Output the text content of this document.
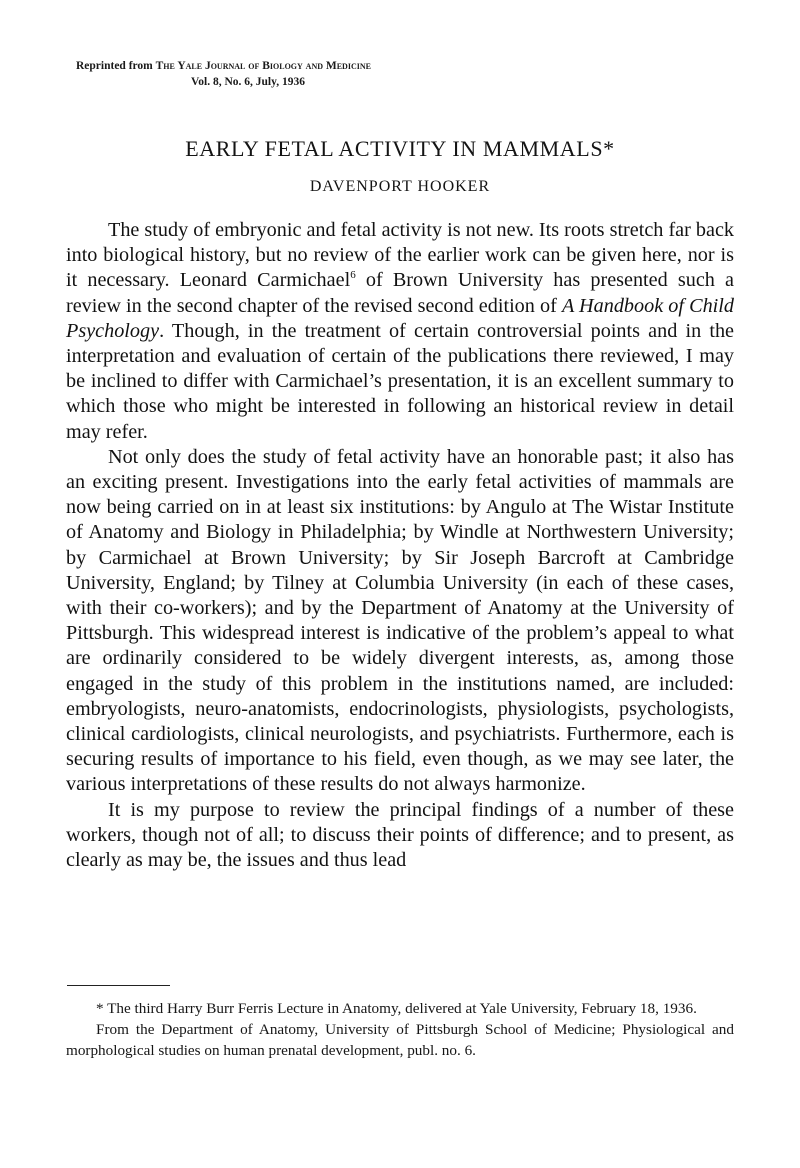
Reprinted from The Yale Journal of Biology and Medicine
Vol. 8, No. 6, July, 1936
EARLY FETAL ACTIVITY IN MAMMALS*
DAVENPORT HOOKER

The study of embryonic and fetal activity is not new. Its roots stretch far back into biological history, but no review of the earlier work can be given here, nor is it necessary. Leonard Carmichael$^6$ of Brown University has presented such a review in the second chapter of the revised second edition of A Handbook of Child Psychology. Though, in the treatment of certain controversial points and in the interpretation and evaluation of certain of the publications there reviewed, I may be inclined to differ with Carmichael’s presentation, it is an excellent summary to which those who might be interested in following an historical review in detail may refer.

Not only does the study of fetal activity have an honorable past; it also has an exciting present. Investigations into the early fetal activities of mammals are now being carried on in at least six institutions: by Angulo at The Wistar Institute of Anatomy and Biology in Philadelphia; by Windle at Northwestern University; by Carmichael at Brown University; by Sir Joseph Barcroft at Cambridge University, England; by Tilney at Columbia University (in each of these cases, with their co-workers); and by the Department of Anatomy at the University of Pittsburgh. This widespread interest is indicative of the problem’s appeal to what are ordinarily considered to be widely divergent interests, as, among those engaged in the study of this problem in the institutions named, are included: embryologists, neuro-anatomists, endocrinologists, physiologists, psychologists, clinical cardiologists, clinical neurologists, and psychiatrists. Furthermore, each is securing results of importance to his field, even though, as we may see later, the various interpretations of these results do not always harmonize.

It is my purpose to review the principal findings of a number of these workers, though not of all; to discuss their points of difference; and to present, as clearly as may be, the issues and thus lead

* The third Harry Burr Ferris Lecture in Anatomy, delivered at Yale University, February 18, 1936.

From the Department of Anatomy, University of Pittsburgh School of Medicine; Physiological and morphological studies on human prenatal development, publ. no. 6.
